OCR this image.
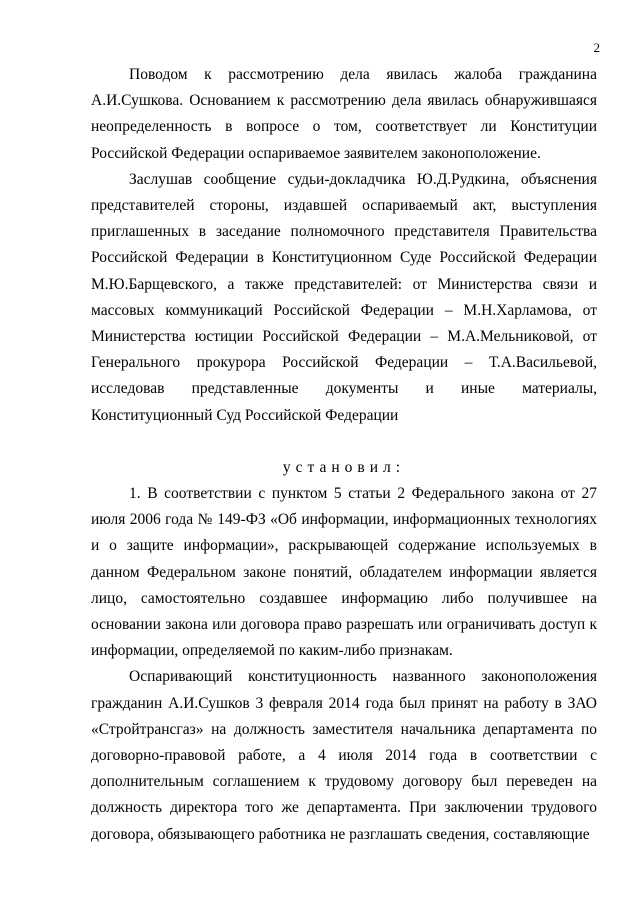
2

Поводом к рассмотрению дела явилась жалоба гражданина А.И.Сушкова. Основанием к рассмотрению дела явилась обнаружившаяся неопределенность в вопросе о том, соответствует ли Конституции Российской Федерации оспариваемое заявителем законоположение.

Заслушав сообщение судьи-докладчика Ю.Д.Рудкина, объяснения представителей стороны, издавшей оспариваемый акт, выступления приглашенных в заседание полномочного представителя Правительства Российской Федерации в Конституционном Суде Российской Федерации М.Ю.Барщевского, а также представителей: от Министерства связи и массовых коммуникаций Российской Федерации – М.Н.Харламова, от Министерства юстиции Российской Федерации – М.А.Мельниковой, от Генерального прокурора Российской Федерации – Т.А.Васильевой, исследовав представленные документы и иные материалы, Конституционный Суд Российской Федерации

установил:

1. В соответствии с пунктом 5 статьи 2 Федерального закона от 27 июля 2006 года № 149-ФЗ «Об информации, информационных технологиях и о защите информации», раскрывающей содержание используемых в данном Федеральном законе понятий, обладателем информации является лицо, самостоятельно создавшее информацию либо получившее на основании закона или договора право разрешать или ограничивать доступ к информации, определяемой по каким-либо признакам.

Оспаривающий конституционность названного законоположения гражданин А.И.Сушков 3 февраля 2014 года был принят на работу в ЗАО «Стройтрансгаз» на должность заместителя начальника департамента по договорно-правовой работе, а 4 июля 2014 года в соответствии с дополнительным соглашением к трудовому договору был переведен на должность директора того же департамента. При заключении трудового договора, обязывающего работника не разглашать сведения, составляющие
